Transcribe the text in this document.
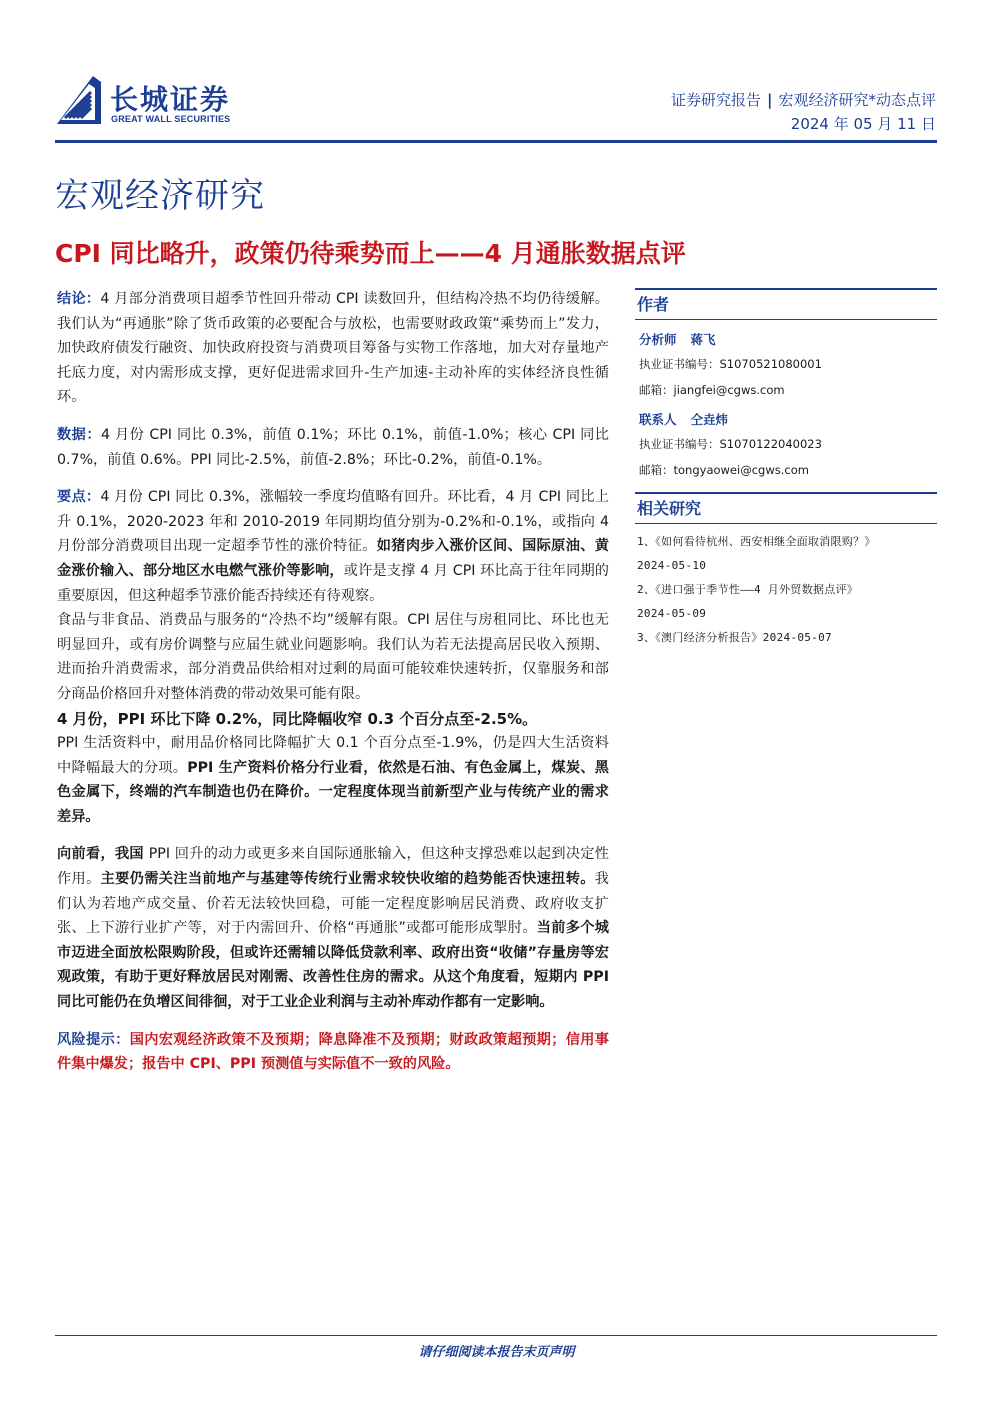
长城证券
GREAT WALL SECURITIES
证券研究报告 | 宏观经济研究*动态点评
2024 年 05 月 11 日
宏观经济研究
CPI 同比略升，政策仍待乘势而上——4 月通胀数据点评

结论：4 月部分消费项目超季节性回升带动 CPI 读数回升，但结构冷热不均仍待缓解。我们认为“再通胀”除了货币政策的必要配合与放松，也需要财政政策“乘势而上”发力，加快政府债发行融资、加快政府投资与消费项目筹备与实物工作落地，加大对存量地产托底力度，对内需形成支撑，更好促进需求回升-生产加速-主动补库的实体经济良性循环。

数据：4 月份 CPI 同比 0.3%，前值 0.1%；环比 0.1%，前值-1.0%；核心 CPI 同比 0.7%，前值 0.6%。PPI 同比-2.5%，前值-2.8%；环比-0.2%，前值-0.1%。

要点：4 月份 CPI 同比 0.3%，涨幅较一季度均值略有回升。环比看，4 月 CPI 同比上升 0.1%，2020-2023 年和 2010-2019 年同期均值分别为-0.2%和-0.1%，或指向 4 月份部分消费项目出现一定超季节性的涨价特征。如猪肉步入涨价区间、国际原油、黄金涨价输入、部分地区水电燃气涨价等影响，或许是支撑 4 月 CPI 环比高于往年同期的重要原因，但这种超季节涨价能否持续还有待观察。

食品与非食品、消费品与服务的“冷热不均”缓解有限。CPI 居住与房租同比、环比也无明显回升，或有房价调整与应届生就业问题影响。我们认为若无法提高居民收入预期、进而抬升消费需求，部分消费品供给相对过剩的局面可能较难快速转折，仅靠服务和部分商品价格回升对整体消费的带动效果可能有限。

4 月份，PPI 环比下降 0.2%，同比降幅收窄 0.3 个百分点至-2.5%。

PPI 生活资料中，耐用品价格同比降幅扩大 0.1 个百分点至-1.9%，仍是四大生活资料中降幅最大的分项。PPI 生产资料价格分行业看，依然是石油、有色金属上，煤炭、黑色金属下，终端的汽车制造也仍在降价。一定程度体现当前新型产业与传统产业的需求差异。

向前看，我国 PPI 回升的动力或更多来自国际通胀输入，但这种支撑恐难以起到决定性作用。主要仍需关注当前地产与基建等传统行业需求较快收缩的趋势能否快速扭转。我们认为若地产成交量、价若无法较快回稳，可能一定程度影响居民消费、政府收支扩张、上下游行业扩产等，对于内需回升、价格“再通胀”或都可能形成掣肘。当前多个城市迈进全面放松限购阶段，但或许还需辅以降低贷款利率、政府出资“收储”存量房等宏观政策，有助于更好释放居民对刚需、改善性住房的需求。从这个角度看，短期内 PPI 同比可能仍在负增区间徘徊，对于工业企业利润与主动补库动作都有一定影响。

风险提示：国内宏观经济政策不及预期；降息降准不及预期；财政政策超预期；信用事件集中爆发；报告中 CPI、PPI 预测值与实际值不一致的风险。

作者
分析师 蒋飞
执业证书编号：S1070521080001
邮箱：jiangfei@cgws.com
联系人 仝垚炜
执业证书编号：S1070122040023
邮箱：tongyaowei@cgws.com
相关研究
1、《如何看待杭州、西安相继全面取消限购？》
2024-05-10
2、《进口强于季节性——4 月外贸数据点评》
2024-05-09
3、《澳门经济分析报告》2024-05-07
请仔细阅读本报告末页声明
